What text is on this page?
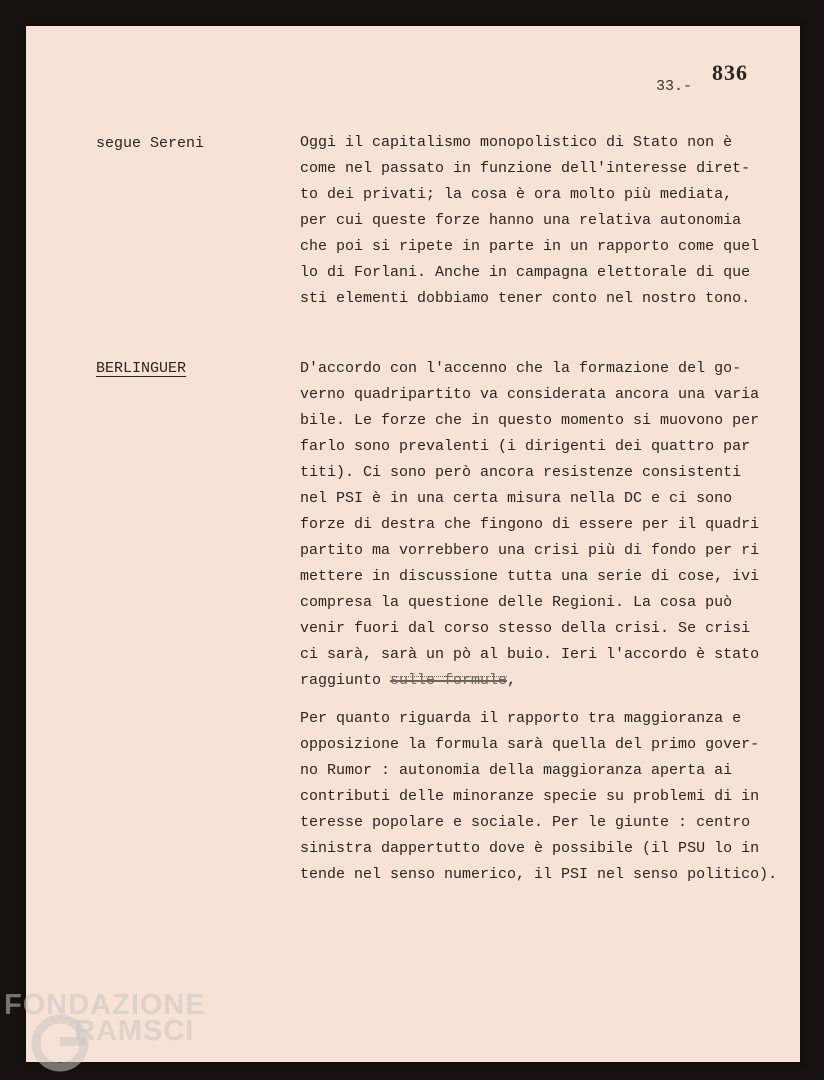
836
33.-
segue Sereni	Oggi il capitalismo monopolistico di Stato non è
come nel passato in funzione dell'interesse diret-
to dei privati; la cosa è ora molto più mediata,
per cui queste forze hanno una relativa autonomia
che poi si ripete in parte in un rapporto come quel
lo di Forlani. Anche in campagna elettorale di que
sti elementi dobbiamo tener conto nel nostro tono.

BERLINGUER	D'accordo con l'accenno che la formazione del go-
verno quadripartito va considerata ancora una varia
bile. Le forze che in questo momento si muovono per
farlo sono prevalenti (i dirigenti dei quattro par
titi). Ci sono però ancora resistenze consistenti
nel PSI è in una certa misura nella DC e ci sono
forze di destra che fingono di essere per il quadri
partito ma vorrebbero una crisi più di fondo per ri
mettere in discussione tutta una serie di cose, ivi
compresa la questione delle Regioni. La cosa può
venir fuori dal corso stesso della crisi. Se crisi
ci sarà, sarà un pò al buio. Ieri l'accordo è stato
raggiunto sulle formule,

Per quanto riguarda il rapporto tra maggioranza e
opposizione la formula sarà quella del primo gover-
no Rumor : autonomia della maggioranza aperta ai
contributi delle minoranze specie su problemi di in
teresse popolare e sociale. Per le giunte : centro
sinistra dappertutto dove è possibile (il PSU lo in
tende nel senso numerico, il PSI nel senso politico).

FONDAZIONE
RAMSCI
